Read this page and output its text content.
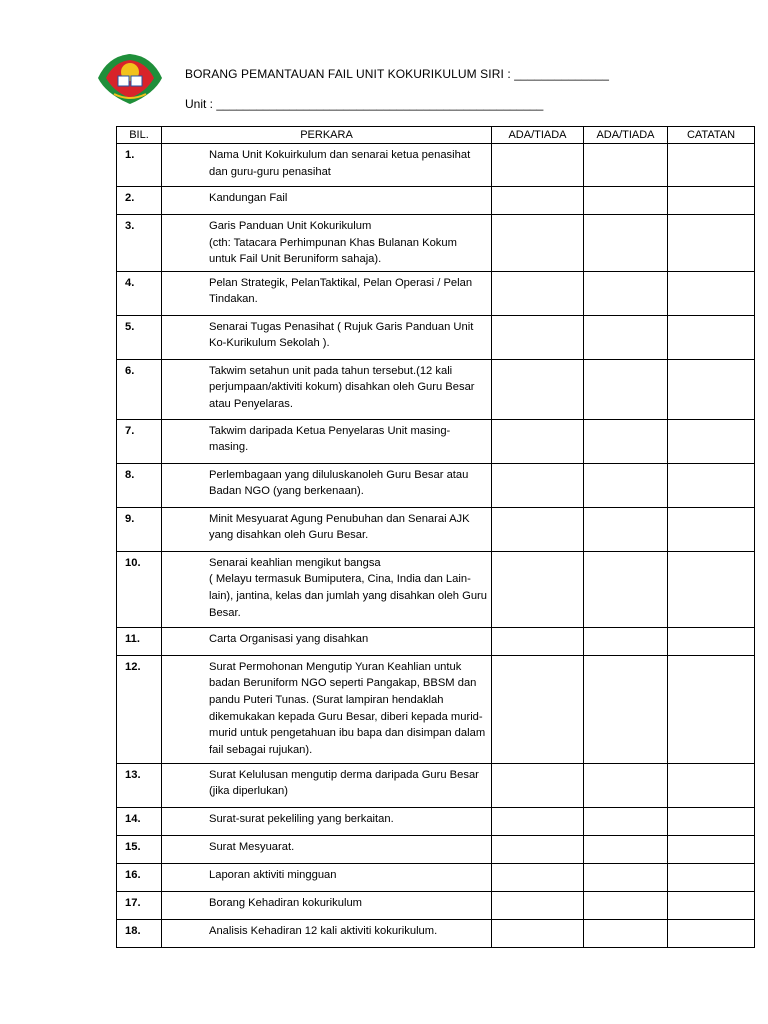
BORANG PEMANTAUAN FAIL UNIT KOKURIKULUM SIRI : ______________
Unit : _________________________________________________
BIL.	PERKARA	ADA/TIADA	ADA/TIADA	CATATAN
1.	Nama Unit Kokuirkulum dan senarai ketua penasihat dan guru-guru penasihat			
2.	Kandungan Fail			
3.	Garis Panduan Unit Kokurikulum
(cth: Tatacara Perhimpunan Khas Bulanan Kokum untuk Fail Unit Beruniform sahaja).			
4.	Pelan Strategik, PelanTaktikal, Pelan Operasi / Pelan Tindakan.			
5.	Senarai Tugas Penasihat ( Rujuk Garis Panduan Unit Ko-Kurikulum Sekolah ).			
6.	Takwim setahun unit pada tahun tersebut.(12 kali perjumpaan/aktiviti kokum) disahkan oleh Guru Besar atau Penyelaras.			
7.	Takwim daripada Ketua Penyelaras Unit masing-masing.			
8.	Perlembagaan yang diluluskanoleh Guru Besar atau Badan NGO (yang berkenaan).			
9.	Minit Mesyuarat Agung Penubuhan dan Senarai AJK yang disahkan oleh Guru Besar.			
10.	Senarai keahlian mengikut bangsa
( Melayu termasuk Bumiputera, Cina, India dan Lain-lain), jantina, kelas dan jumlah yang disahkan oleh Guru Besar.			
11.	Carta Organisasi yang disahkan			
12.	Surat Permohonan Mengutip Yuran Keahlian untuk badan Beruniform NGO seperti Pangakap, BBSM dan pandu Puteri Tunas. (Surat lampiran hendaklah dikemukakan kepada Guru Besar, diberi kepada murid-murid untuk pengetahuan ibu bapa dan disimpan dalam fail sebagai rujukan).			
13.	Surat Kelulusan mengutip derma daripada Guru Besar (jika diperlukan)			
14.	Surat-surat pekeliling yang berkaitan.			
15.	Surat Mesyuarat.			
16.	Laporan aktiviti mingguan			
17.	Borang Kehadiran kokurikulum			
18.	Analisis Kehadiran 12 kali aktiviti kokurikulum.			
